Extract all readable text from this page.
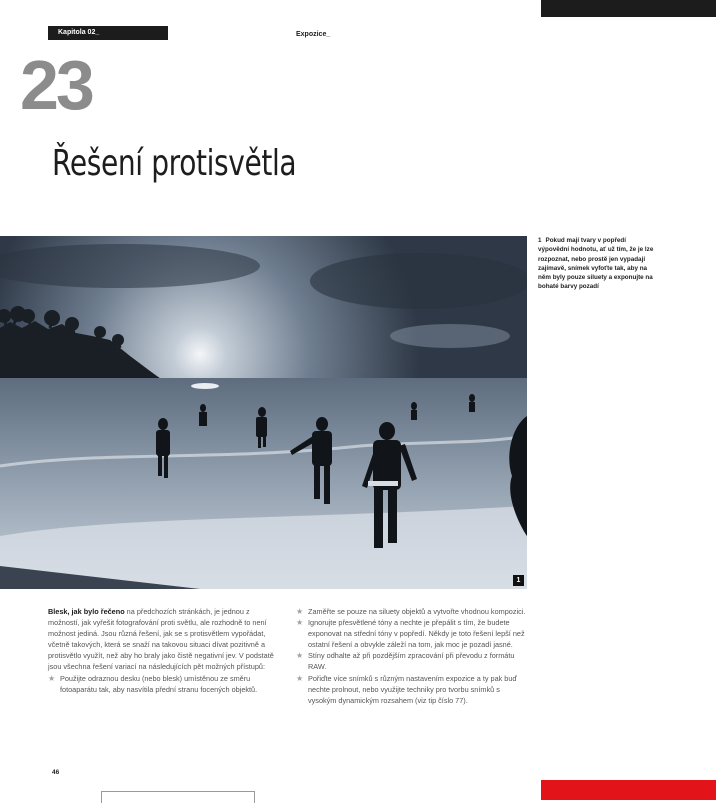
Kapitola 02_	Expozice_
23
Řešení protisvětla
1
1 Pokud mají tvary v popředí výpovědní hodnotu, ať už tím, že je lze rozpoznat, nebo prostě jen vypadají zajímavě, snímek vyfoťte tak, aby na něm byly pouze siluety a exponujte na bohaté barvy pozadí

Blesk, jak bylo řečeno na předchozích stránkách, je jednou z možností, jak vyřešit fotografování proti světlu, ale rozhodně to není možnost jediná. Jsou různá řešení, jak se s protisvětlem vypořádat, včetně takových, která se snaží na takovou situaci dívat pozitivně a protisvětlo využít, než aby ho braly jako čistě negativní jev. V podstatě jsou všechna řešení variací na následujících pět možných přístupů:

★ Použijte odraznou desku (nebo blesk) umístěnou ze směru fotoaparátu tak, aby nasvítila přední stranu focených objektů.
★ Zaměřte se pouze na siluety objektů a vytvořte vhodnou kompozici.
★ Ignorujte přesvětlené tóny a nechte je přepálit s tím, že budete exponovat na střední tóny v popředí. Někdy je toto řešení lepší než ostatní řešení a obvykle záleží na tom, jak moc je pozadí jasné.
★ Stíny odhalte až při pozdějším zpracování při převodu z formátu RAW.
★ Pořiďte více snímků s různým nastavením expozice a ty pak buď nechte prolnout, nebo využijte techniky pro tvorbu snímků s vysokým dynamickým rozsahem (viz tip číslo 77).
46
